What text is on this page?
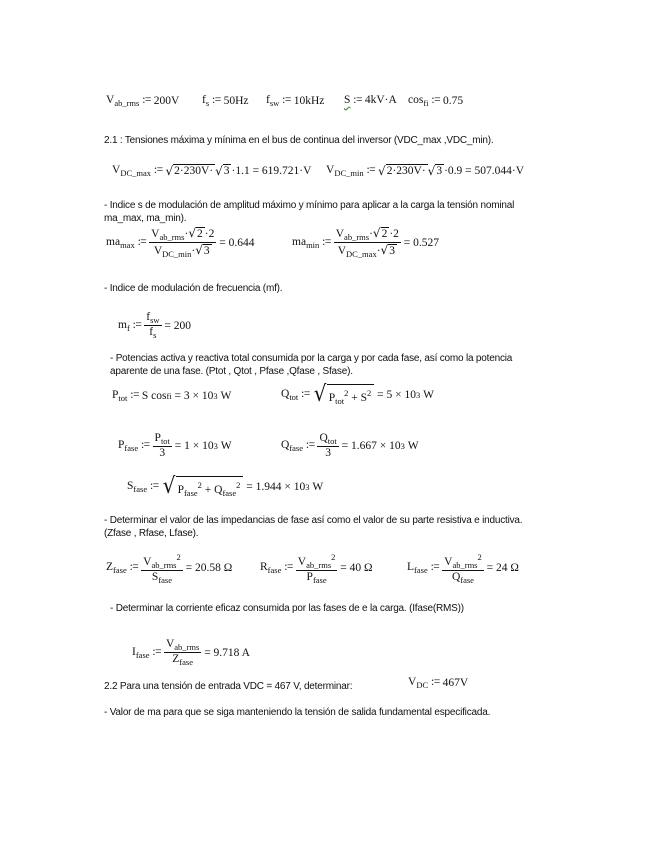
$V_{ab\_rms}$ := 200V $f_s$ := 50Hz $f_{sw}$ := 10kHz S := 4kV·A $\cos_{fi}$ := 0.75
2.1 : Tensiones máxima y mínima en el bus de continua del inversor (VDC_max ,VDC_min).
$V_{DC\_max}$ := √ 2·230V· √ 3 ·1.1 = 619.721·V $V_{DC\_min}$ := √ 2·230V· √ 3 ·0.9 = 507.044·V
- Indice s de modulación de amplitud máximo y mínimo para aplicar a la carga la tensión nominal ma_max, ma_min).
$ma_{max}$ := $\frac{V_{ab\_rms}\cdot√2 \cdot 2}{V_{DC\_min}\cdot√3}$
= 0.644	$ma_{min}$ := $\frac{V_{ab\_rms}\cdot√2 \cdot 2}{V_{DC\_max}\cdot√3}$
= 0.527
- Indice de modulación de frecuencia (mf).
$m_f$ := $\frac{f_{sw}}{f_s}$
= 200
- Potencias activa y reactiva total consumida por la carga y por cada fase, así como la potencia aparente de una fase. (Ptot , Qtot , Pfase ,Qfase , Sfase).
$P_{tot}$ := S cos fi
= 3 × 10 3
W	$Q_{tot}$ := √ $P_{tot}^2 + S^2$
= 5 × 10 3
W
$P_{fase}$ := $\frac{P_{tot}}{3}$
= 1 × 10 3
W	$Q_{fase}$ := $\frac{Q_{tot}}{3}$
= 1.667 × 10 3
W
$S_{fase}$ := √ $P_{fase}^2 + Q_{fase}^2$
= 1.944 × 10 3
W
- Determinar el valor de las impedancias de fase así como el valor de su parte resistiva e inductiva. (Zfase , Rfase, Lfase).
$Z_{fase}$ := $\frac{V_{ab\_rms}^2}{S_{fase}}$
= 20.58 Ω $R_{fase}$ := $\frac{V_{ab\_rms}^2}{P_{fase}}$
= 40 Ω	$L_{fase}$ := $\frac{V_{ab\_rms}^2}{Q_{fase}}$
= 24 Ω
- Determinar la corriente eficaz consumida por las fases de e la carga. (Ifase(RMS))
$I_{fase}$ := $\frac{V_{ab\_rms}}{Z_{fase}}$
= 9.718 A
2.2 Para una tensión de entrada VDC = 467 V, determinar:	$V_{DC}$ := 467V
- Valor de ma para que se siga manteniendo la tensión de salida fundamental especificada.
